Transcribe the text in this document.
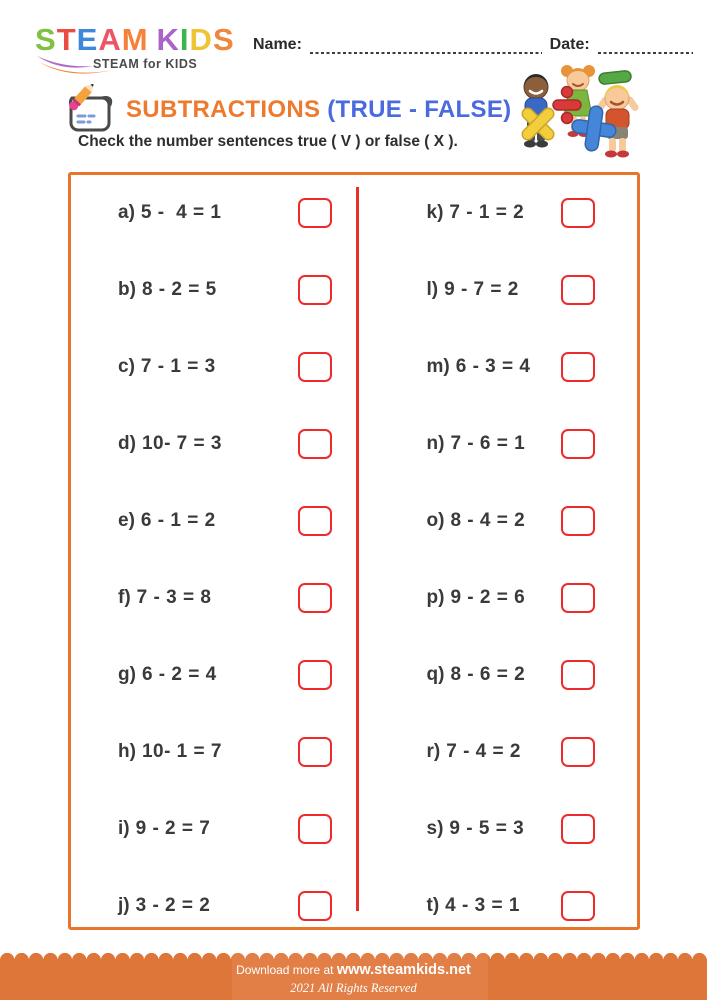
STEAM KIDS
STEAM for KIDS
Name:	Date:
SUBTRACTIONS (TRUE - FALSE)
Check the number sentences true ( V ) or false ( X ).
a) 5 -  4 = 1
b) 8 - 2 = 5
c) 7 - 1 = 3
d) 10- 7 = 3
e) 6 - 1 = 2
f) 7 - 3 = 8
g) 6 - 2 = 4
h) 10- 1 = 7
i) 9 - 2 = 7
j) 3 - 2 = 2
k) 7 - 1 = 2
l) 9 - 7 = 2
m) 6 - 3 = 4
n) 7 - 6 = 1
o) 8 - 4 = 2
p) 9 - 2 = 6
q) 8 - 6 = 2
r) 7 - 4 = 2
s) 9 - 5 = 3
t) 4 - 3 = 1
Download more at www.steamkids.net
2021 All Rights Reserved
